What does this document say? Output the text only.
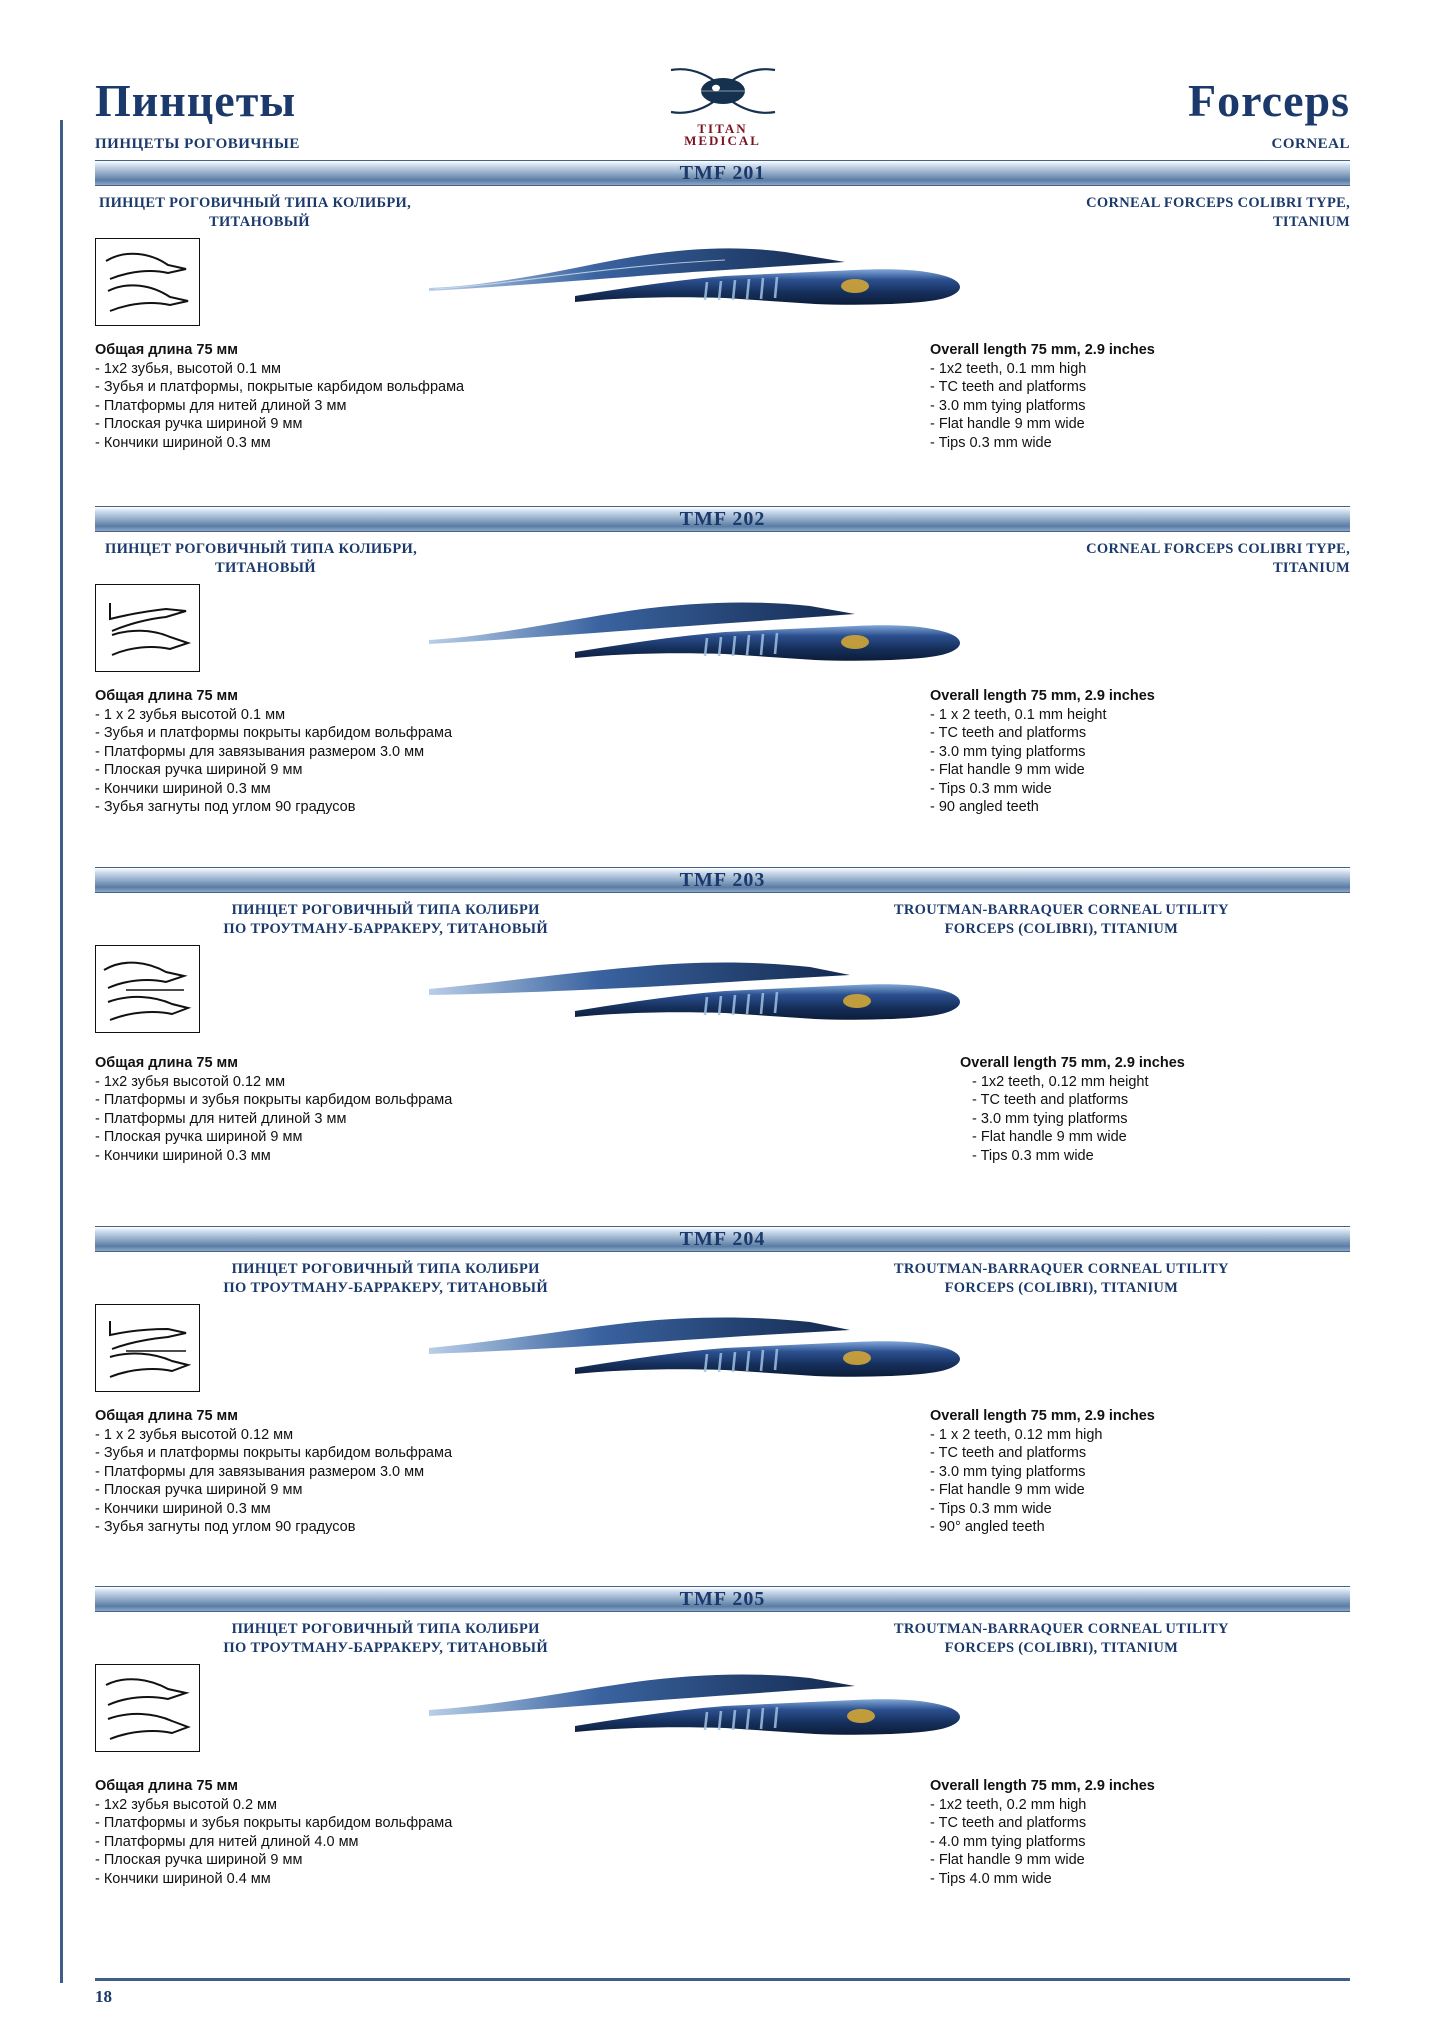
Пинцеты
ПИНЦЕТЫ РОГОВИЧНЫЕ
TITAN
MEDICAL
Forceps
CORNEAL
TMF 201
ПИНЦЕТ РОГОВИЧНЫЙ ТИПА КОЛИБРИ,
ТИТАНОВЫЙ
CORNEAL FORCEPS COLIBRI TYPE,
TITANIUM
Общая длина 75 мм
- 1x2 зубья, высотой 0.1 мм
- Зубья и платформы, покрытые карбидом вольфрама
- Платформы для нитей длиной 3 мм
- Плоская ручка шириной 9 мм
- Кончики шириной 0.3 мм
Overall length 75 mm, 2.9 inches
- 1x2 teeth, 0.1 mm high
- TC teeth and platforms
- 3.0 mm tying platforms
- Flat handle 9 mm wide
- Tips 0.3 mm wide
TMF 202
ПИНЦЕТ РОГОВИЧНЫЙ ТИПА КОЛИБРИ,
ТИТАНОВЫЙ
CORNEAL FORCEPS COLIBRI TYPE,
TITANIUM
Общая длина 75 мм
- 1 x 2 зубья высотой 0.1 мм
- Зубья и платформы покрыты карбидом вольфрама
- Платформы для завязывания размером 3.0 мм
- Плоская ручка шириной 9 мм
- Кончики шириной 0.3 мм
- Зубья загнуты под углом 90 градусов
Overall length 75 mm, 2.9 inches
- 1 x 2 teeth, 0.1 mm height
- TC teeth and platforms
- 3.0 mm tying platforms
- Flat handle 9 mm wide
- Tips 0.3 mm wide
- 90 angled teeth
TMF 203
ПИНЦЕТ РОГОВИЧНЫЙ ТИПА КОЛИБРИ
ПО ТРОУТМАНУ-БАРРАКЕРУ, ТИТАНОВЫЙ
TROUTMAN-BARRAQUER CORNEAL UTILITY
FORCEPS (COLIBRI), TITANIUM
Общая длина 75 мм
- 1x2 зубья высотой 0.12 мм
- Платформы и зубья покрыты карбидом вольфрама
- Платформы для нитей длиной 3 мм
- Плоская ручка шириной 9 мм
- Кончики шириной 0.3 мм
Overall length 75 mm, 2.9 inches
- 1x2 teeth, 0.12 mm height
- TC teeth and platforms
- 3.0 mm tying platforms
- Flat handle 9 mm wide
- Tips 0.3 mm wide
TMF 204
ПИНЦЕТ РОГОВИЧНЫЙ ТИПА КОЛИБРИ
ПО ТРОУТМАНУ-БАРРАКЕРУ, ТИТАНОВЫЙ
TROUTMAN-BARRAQUER CORNEAL UTILITY
FORCEPS (COLIBRI), TITANIUM
Общая длина 75 мм
- 1 x 2 зубья высотой 0.12 мм
- Зубья и платформы покрыты карбидом вольфрама
- Платформы для завязывания размером 3.0 мм
- Плоская ручка шириной 9 мм
- Кончики шириной 0.3 мм
- Зубья загнуты под углом 90 градусов
Overall length 75 mm, 2.9 inches
- 1 x 2 teeth, 0.12 mm high
- TC teeth and platforms
- 3.0 mm tying platforms
- Flat handle 9 mm wide
- Tips 0.3 mm wide
- 90° angled teeth
TMF 205
ПИНЦЕТ РОГОВИЧНЫЙ ТИПА КОЛИБРИ
ПО ТРОУТМАНУ-БАРРАКЕРУ, ТИТАНОВЫЙ
TROUTMAN-BARRAQUER CORNEAL UTILITY
FORCEPS (COLIBRI), TITANIUM
Общая длина 75 мм
- 1x2 зубья высотой 0.2 мм
- Платформы и зубья покрыты карбидом вольфрама
- Платформы для нитей длиной 4.0 мм
- Плоская ручка шириной 9 мм
- Кончики шириной 0.4 мм
Overall length 75 mm, 2.9 inches
- 1x2 teeth, 0.2 mm high
- TC teeth and platforms
- 4.0 mm tying platforms
- Flat handle 9 mm wide
- Tips 4.0 mm wide
18
